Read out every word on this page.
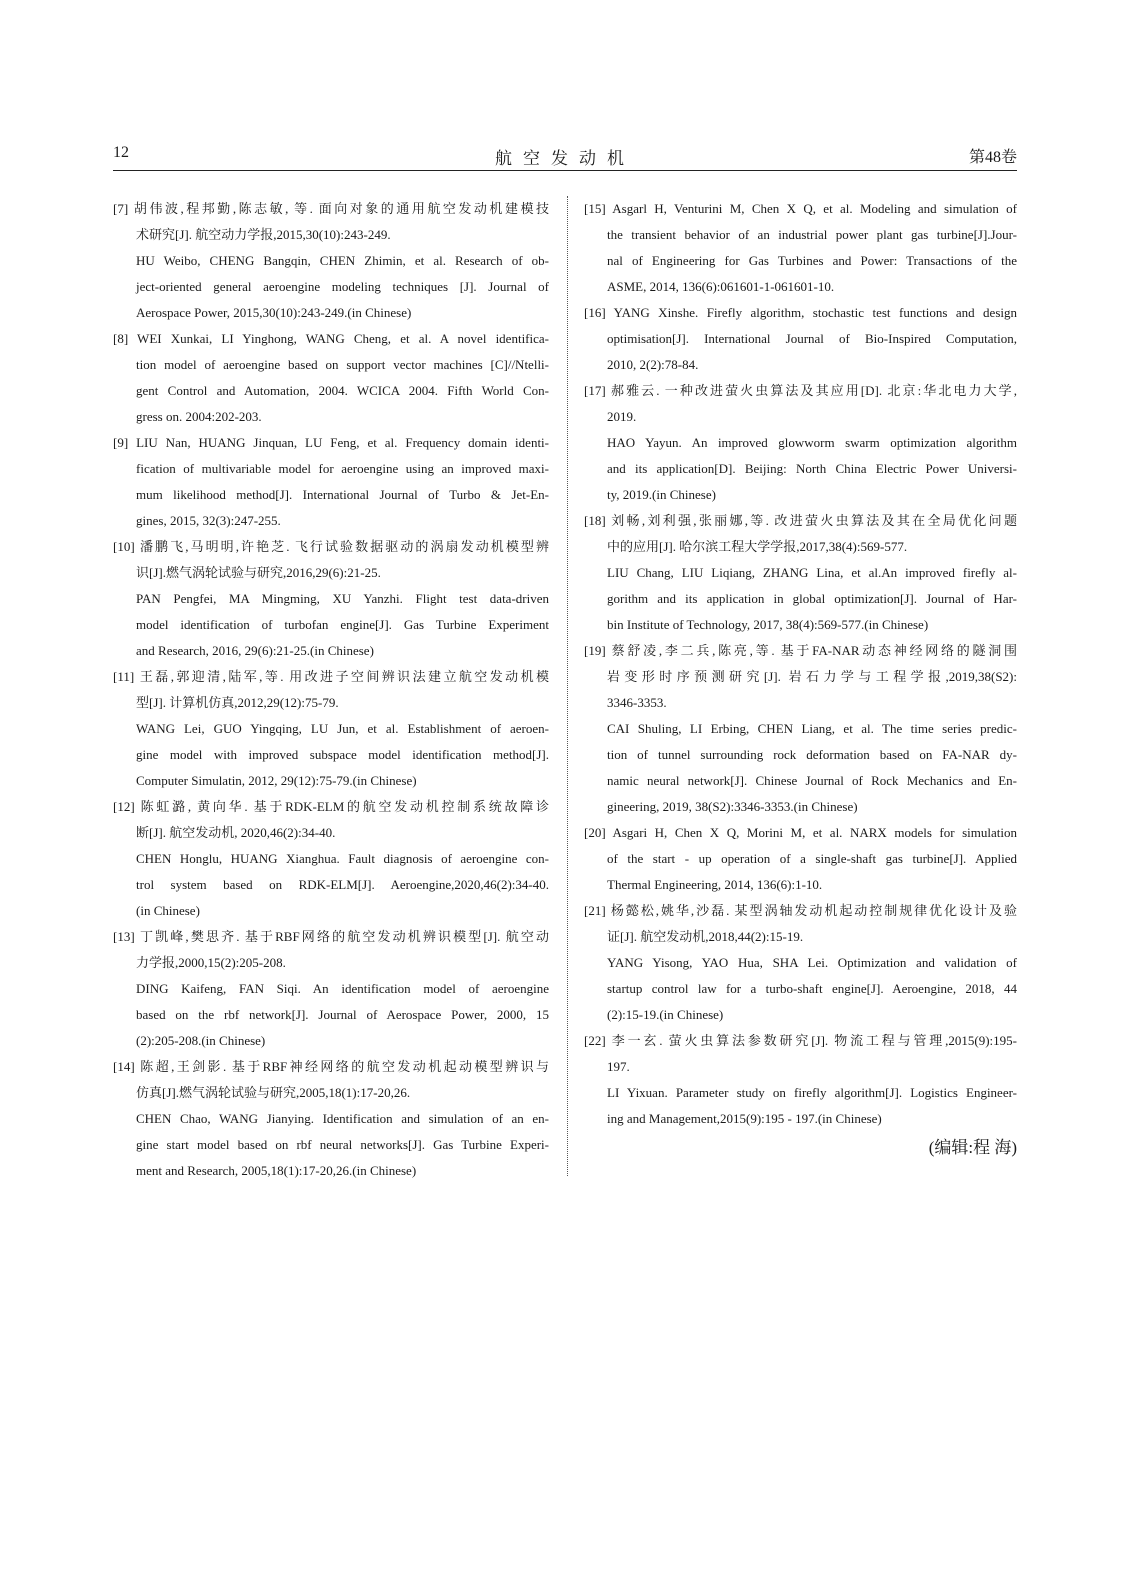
12	航空发动机	第48卷
[7] 胡伟波,程邦勤,陈志敏, 等. 面向对象的通用航空发动机建模技
术研究[J]. 航空动力学报,2015,30(10):243-249.
HU Weibo, CHENG Bangqin, CHEN Zhimin, et al. Research of ob-
ject-oriented general aeroengine modeling techniques [J]. Journal of
Aerospace Power, 2015,30(10):243-249.(in Chinese)
[8] WEI Xunkai, LI Yinghong, WANG Cheng, et al. A novel identifica-
tion model of aeroengine based on support vector machines [C]//Ntelli-
gent Control and Automation, 2004. WCICA 2004. Fifth World Con-
gress on. 2004:202-203.
[9] LIU Nan, HUANG Jinquan, LU Feng, et al. Frequency domain identi-
fication of multivariable model for aeroengine using an improved maxi-
mum likelihood method[J]. International Journal of Turbo & Jet-En-
gines, 2015, 32(3):247-255.
[10] 潘鹏飞,马明明,许艳芝. 飞行试验数据驱动的涡扇发动机模型辨
识[J].燃气涡轮试验与研究,2016,29(6):21-25.
PAN Pengfei, MA Mingming, XU Yanzhi. Flight test data-driven
model identification of turbofan engine[J]. Gas Turbine Experiment
and Research, 2016, 29(6):21-25.(in Chinese)
[11] 王磊,郭迎清,陆军,等. 用改进子空间辨识法建立航空发动机模
型[J]. 计算机仿真,2012,29(12):75-79.
WANG Lei, GUO Yingqing, LU Jun, et al. Establishment of aeroen-
gine model with improved subspace model identification method[J].
Computer Simulatin, 2012, 29(12):75-79.(in Chinese)
[12] 陈虹潞, 黄向华. 基于RDK-ELM的航空发动机控制系统故障诊
断[J]. 航空发动机, 2020,46(2):34-40.
CHEN Honglu, HUANG Xianghua. Fault diagnosis of aeroengine con-
trol system based on RDK-ELM[J]. Aeroengine,2020,46(2):34-40.
(in Chinese)
[13] 丁凯峰,樊思齐. 基于RBF网络的航空发动机辨识模型[J]. 航空动
力学报,2000,15(2):205-208.
DING Kaifeng, FAN Siqi. An identification model of aeroengine
based on the rbf network[J]. Journal of Aerospace Power, 2000, 15
(2):205-208.(in Chinese)
[14] 陈超,王剑影. 基于RBF神经网络的航空发动机起动模型辨识与
仿真[J].燃气涡轮试验与研究,2005,18(1):17-20,26.
CHEN Chao, WANG Jianying. Identification and simulation of an en-
gine start model based on rbf neural networks[J]. Gas Turbine Experi-
ment and Research, 2005,18(1):17-20,26.(in Chinese)
[15] Asgarl H, Venturini M, Chen X Q, et al. Modeling and simulation of
the transient behavior of an industrial power plant gas turbine[J].Jour-
nal of Engineering for Gas Turbines and Power: Transactions of the
ASME, 2014, 136(6):061601-1-061601-10.
[16] YANG Xinshe. Firefly algorithm, stochastic test functions and design
optimisation[J]. International Journal of Bio-Inspired Computation,
2010, 2(2):78-84.
[17] 郝雅云. 一种改进萤火虫算法及其应用[D]. 北京:华北电力大学,
2019.
HAO Yayun. An improved glowworm swarm optimization algorithm
and its application[D]. Beijing: North China Electric Power Universi-
ty, 2019.(in Chinese)
[18] 刘畅,刘利强,张丽娜,等. 改进萤火虫算法及其在全局优化问题
中的应用[J]. 哈尔滨工程大学学报,2017,38(4):569-577.
LIU Chang, LIU Liqiang, ZHANG Lina, et al.An improved firefly al-
gorithm and its application in global optimization[J]. Journal of Har-
bin Institute of Technology, 2017, 38(4):569-577.(in Chinese)
[19] 蔡舒凌,李二兵,陈亮,等. 基于FA-NAR动态神经网络的隧洞围
岩变形时序预测研究[J]. 岩石力学与工程学报,2019,38(S2):
3346-3353.
CAI Shuling, LI Erbing, CHEN Liang, et al. The time series predic-
tion of tunnel surrounding rock deformation based on FA-NAR dy-
namic neural network[J]. Chinese Journal of Rock Mechanics and En-
gineering, 2019, 38(S2):3346-3353.(in Chinese)
[20] Asgari H, Chen X Q, Morini M, et al. NARX models for simulation
of the start - up operation of a single-shaft gas turbine[J]. Applied
Thermal Engineering, 2014, 136(6):1-10.
[21] 杨懿松,姚华,沙磊. 某型涡轴发动机起动控制规律优化设计及验
证[J]. 航空发动机,2018,44(2):15-19.
YANG Yisong, YAO Hua, SHA Lei. Optimization and validation of
startup control law for a turbo-shaft engine[J]. Aeroengine, 2018, 44
(2):15-19.(in Chinese)
[22] 李一玄. 萤火虫算法参数研究[J]. 物流工程与管理,2015(9):195-
197.
LI Yixuan. Parameter study on firefly algorithm[J]. Logistics Engineer-
ing and Management,2015(9):195 - 197.(in Chinese)
(编辑:程 海)
